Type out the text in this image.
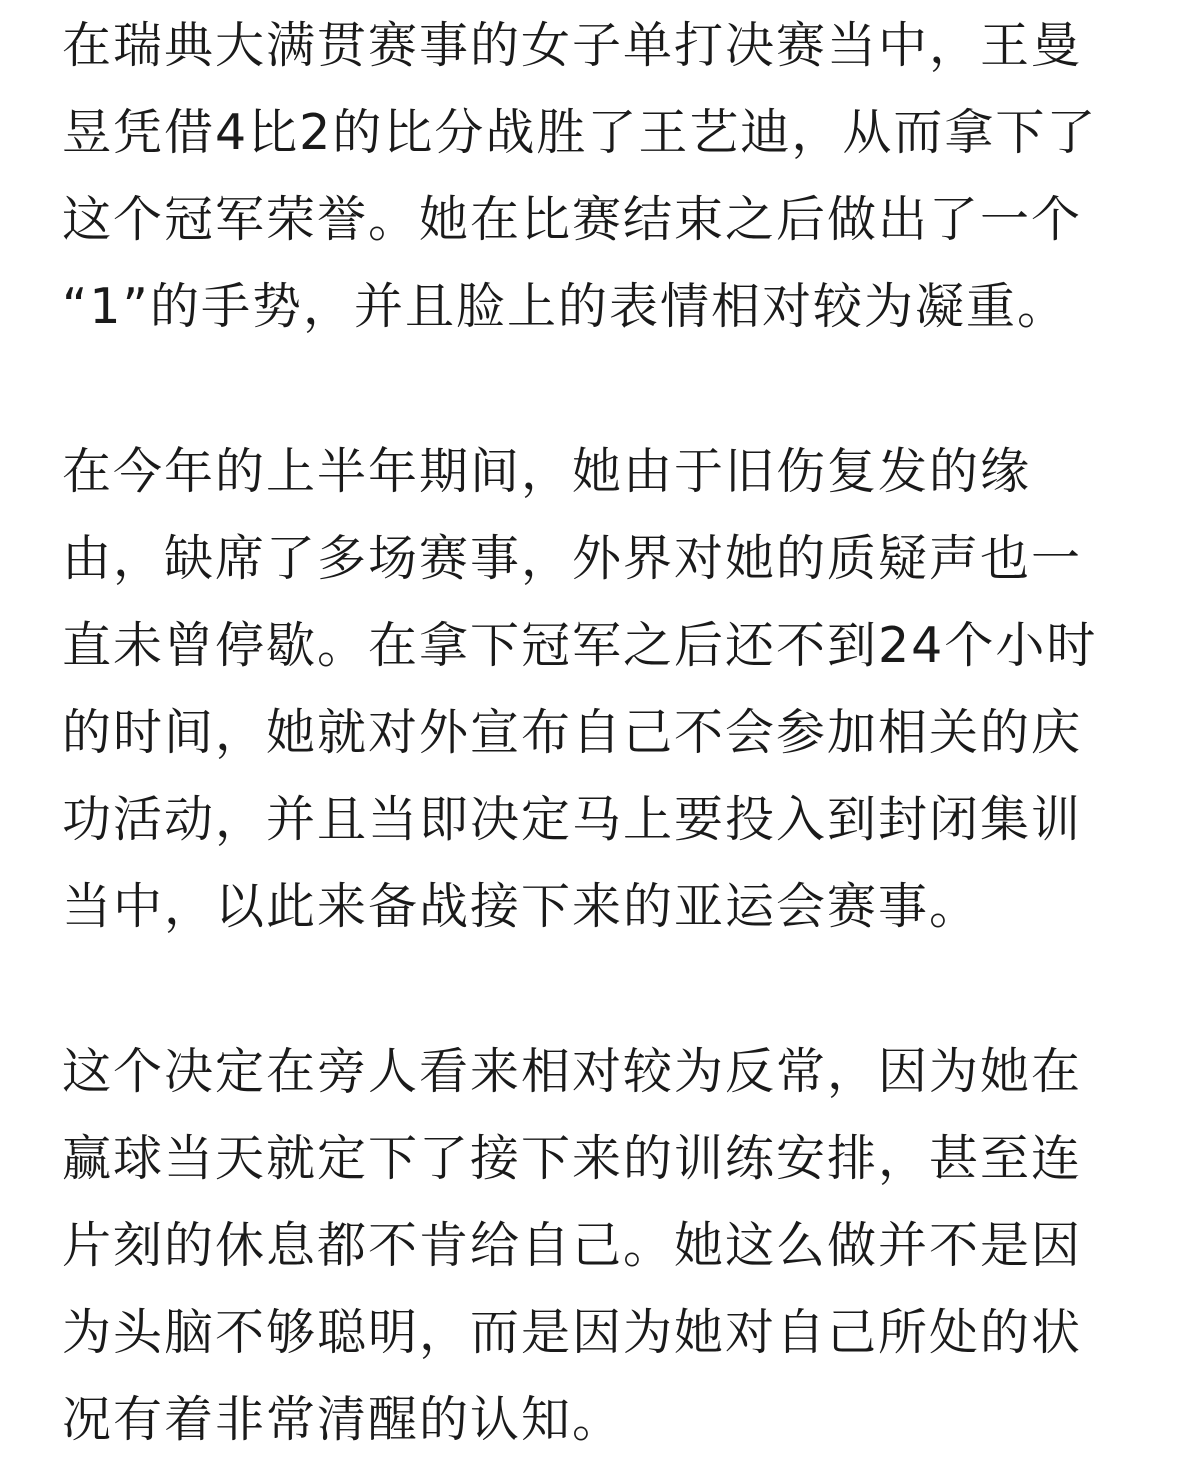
在瑞典大满贯赛事的女子单打决赛当中，王曼
昱凭借4比2的比分战胜了王艺迪，从而拿下了
这个冠军荣誉。她在比赛结束之后做出了一个
“1”的手势，并且脸上的表情相对较为凝重。
在今年的上半年期间，她由于旧伤复发的缘
由，缺席了多场赛事，外界对她的质疑声也一
直未曾停歇。在拿下冠军之后还不到24个小时
的时间，她就对外宣布自己不会参加相关的庆
功活动，并且当即决定马上要投入到封闭集训
当中，以此来备战接下来的亚运会赛事。
这个决定在旁人看来相对较为反常，因为她在
赢球当天就定下了接下来的训练安排，甚至连
片刻的休息都不肯给自己。她这么做并不是因
为头脑不够聪明，而是因为她对自己所处的状
况有着非常清醒的认知。
